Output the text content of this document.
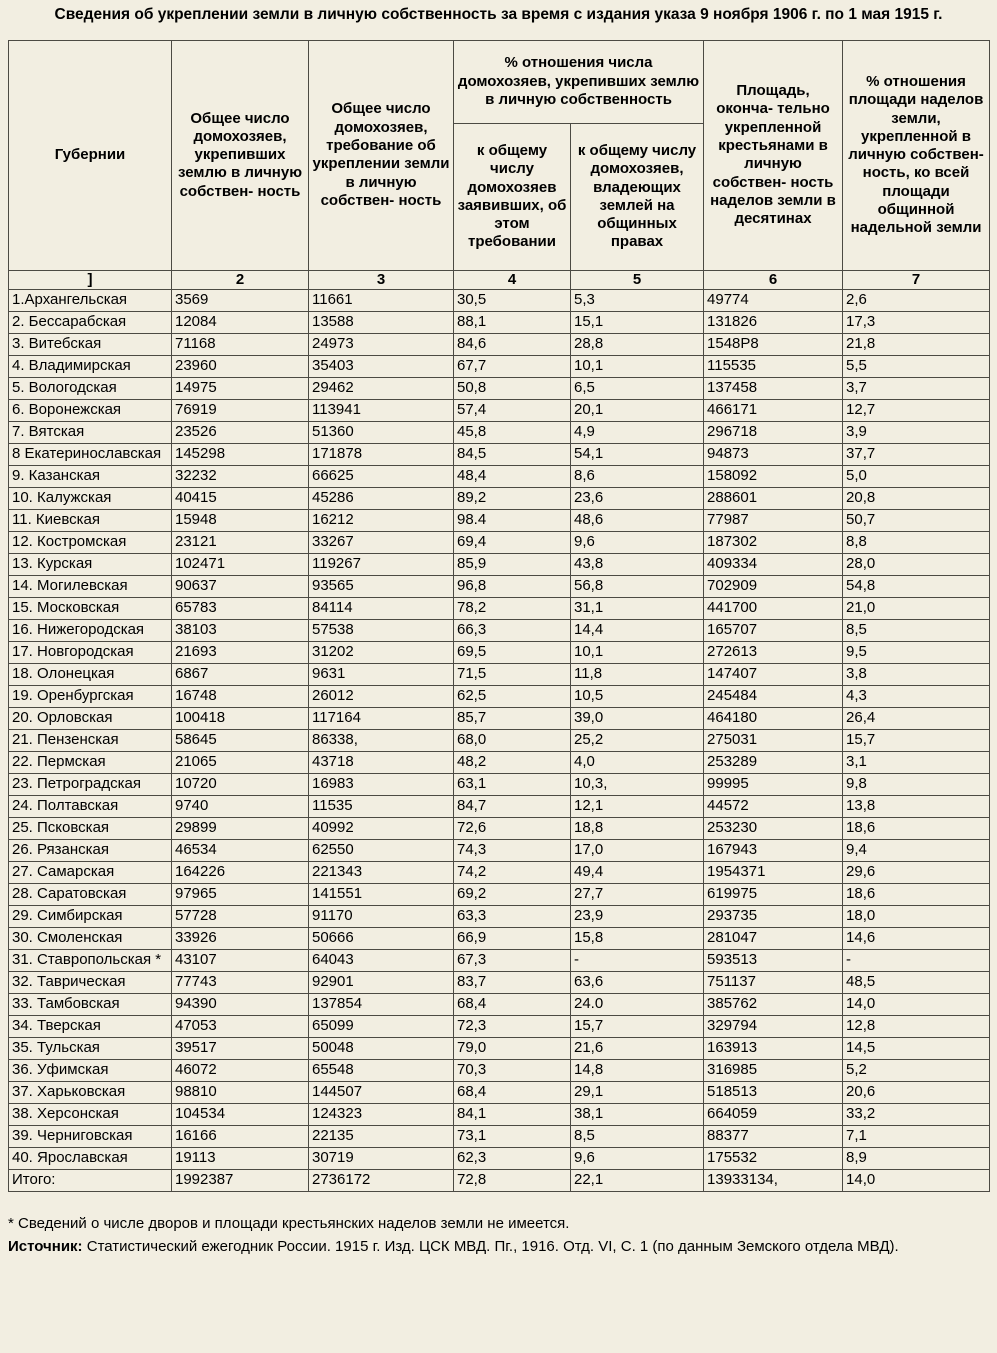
Сведения об укреплении земли в личную собственность за время с издания указа 9 ноября 1906 г. по 1 мая 1915 г.
Губернии	Общее число домохозяев, укрепивших землю в личную собствен- ность	Общее число домохозяев, требование об укреплении земли в личную собствен- ность	% отношения числа домохозяев, укрепивших землю в личную собственность		Площадь, оконча- тельно укрепленной крестьянами в личную собствен- ность наделов земли в десятинах	% отношения площади наделов земли, укрепленной в личную собствен- ность, ко всей площади общинной надельной земли
			к общему числу домохозяев заявивших, об этом требовании	к общему числу домохозяев, владеющих землей на общинных правах		
]	2	3	4	5	6	7
1.Архангельская	3569	11661	30,5	5,3	49774	2,6
2. Бессарабская	12084	13588	88,1	15,1	131826	17,3
3. Витебская	71168	24973	84,6	28,8	1548Р8	21,8
4. Владимирская	23960	35403	67,7	10,1	115535	5,5
5. Вологодская	14975	29462	50,8	6,5	137458	3,7
6. Воронежская	76919	113941	57,4	20,1	466171	12,7
7. Вятская	23526	51360	45,8	4,9	296718	3,9
8 Екатеринославская	145298	171878	84,5	54,1	94873	37,7
9. Казанская	32232	66625	48,4	8,6	158092	5,0
10. Калужская	40415	45286	89,2	23,6	288601	20,8
11. Киевская	15948	16212	98.4	48,6	77987	50,7
12. Костромская	23121	33267	69,4	9,6	187302	8,8
13. Курская	102471	119267	85,9	43,8	409334	28,0
14. Могилевская	90637	93565	96,8	56,8	702909	54,8
15. Московская	65783	84114	78,2	31,1	441700	21,0
16. Нижегородская	38103	57538	66,3	14,4	165707	8,5
17. Новгородская	21693	31202	69,5	10,1	272613	9,5
18. Олонецкая	6867	9631	71,5	11,8	147407	3,8
19. Оренбургская	16748	26012	62,5	10,5	245484	4,3
20. Орловская	100418	117164	85,7	39,0	464180	26,4
21. Пензенская	58645	86338,	68,0	25,2	275031	15,7
22. Пермская	21065	43718	48,2	4,0	253289	3,1
23. Петроградская	10720	16983	63,1	10,3,	99995	9,8
24. Полтавская	9740	11535	84,7	12,1	44572	13,8
25. Псковская	29899	40992	72,6	18,8	253230	18,6
26. Рязанская	46534	62550	74,3	17,0	167943	9,4
27. Самарская	164226	221343	74,2	49,4	1954371	29,6
28. Саратовская	97965	141551	69,2	27,7	619975	18,6
29. Симбирская	57728	91170	63,3	23,9	293735	18,0
30. Смоленская	33926	50666	66,9	15,8	281047	14,6
31. Ставропольская *	43107	64043	67,3	-	593513	-
32. Таврическая	77743	92901	83,7	63,6	751137	48,5
33. Тамбовская	94390	137854	68,4	24.0	385762	14,0
34. Тверская	47053	65099	72,3	15,7	329794	12,8
35. Тульская	39517	50048	79,0	21,6	163913	14,5
36. Уфимская	46072	65548	70,3	14,8	316985	5,2
37. Харьковская	98810	144507	68,4	29,1	518513	20,6
38. Херсонская	104534	124323	84,1	38,1	664059	33,2
39. Черниговская	16166	22135	73,1	8,5	88377	7,1
40. Ярославская	19113	30719	62,3	9,6	175532	8,9
Итого:	1992387	2736172	72,8	22,1	13933134,	14,0
* Сведений о числе дворов и площади крестьянских наделов земли не имеется.
Источник: Статистический ежегодник России. 1915 г. Изд. ЦСК МВД. Пг., 1916. Отд. VI, С. 1 (по данным Земского отдела МВД).
